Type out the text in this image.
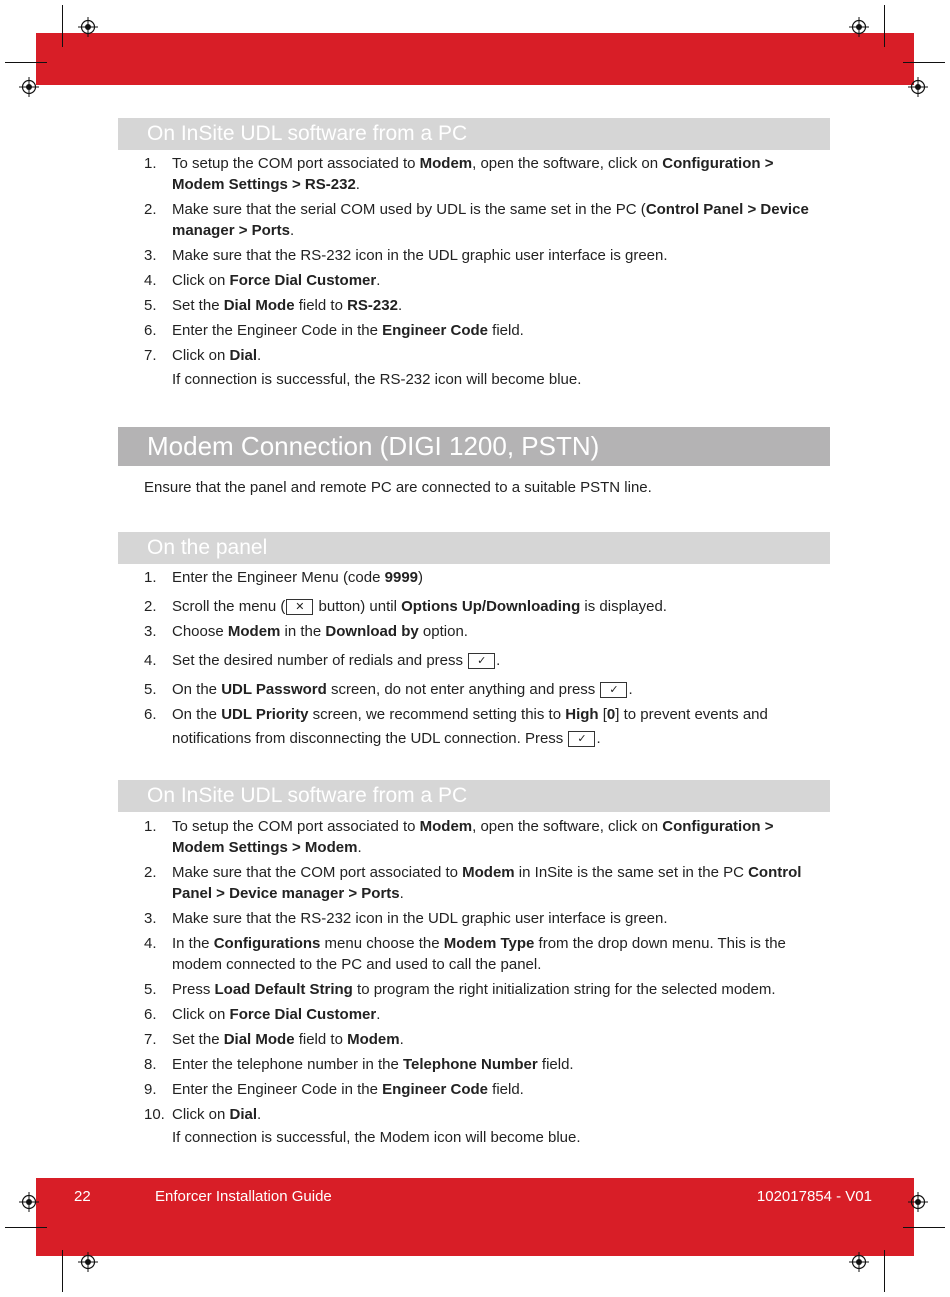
On InSite UDL software from a PC
1. To setup the COM port associated to Modem, open the software, click on Configuration > Modem Settings > RS-232.
2. Make sure that the serial COM used by UDL is the same set in the PC (Control Panel > Device manager > Ports.
3. Make sure that the RS-232 icon in the UDL graphic user interface is green.
4. Click on Force Dial Customer.
5. Set the Dial Mode field to RS-232.
6. Enter the Engineer Code in the Engineer Code field.
7. Click on Dial.
If connection is successful, the RS-232 icon will become blue.
Modem Connection (DIGI 1200, PSTN)
Ensure that the panel and remote PC are connected to a suitable PSTN line.
On the panel
1. Enter the Engineer Menu (code 9999)
2. Scroll the menu ( ✕ button) until Options Up/Downloading is displayed.
3. Choose Modem in the Download by option.
4. Set the desired number of redials and press ✓ .
5. On the UDL Password screen, do not enter anything and press ✓ .
6. On the UDL Priority screen, we recommend setting this to High [0] to prevent events and notifications from disconnecting the UDL connection. Press ✓ .
On InSite UDL software from a PC
1. To setup the COM port associated to Modem, open the software, click on Configuration > Modem Settings > Modem.
2. Make sure that the COM port associated to Modem in InSite is the same set in the PC Control Panel > Device manager > Ports.
3. Make sure that the RS-232 icon in the UDL graphic user interface is green.
4. In the Configurations menu choose the Modem Type from the drop down menu. This is the modem connected to the PC and used to call the panel.
5. Press Load Default String to program the right initialization string for the selected modem.
6. Click on Force Dial Customer.
7. Set the Dial Mode field to Modem.
8. Enter the telephone number in the Telephone Number field.
9. Enter the Engineer Code in the Engineer Code field.
10. Click on Dial.
If connection is successful, the Modem icon will become blue.
22	Enforcer Installation Guide	102017854 - V01
